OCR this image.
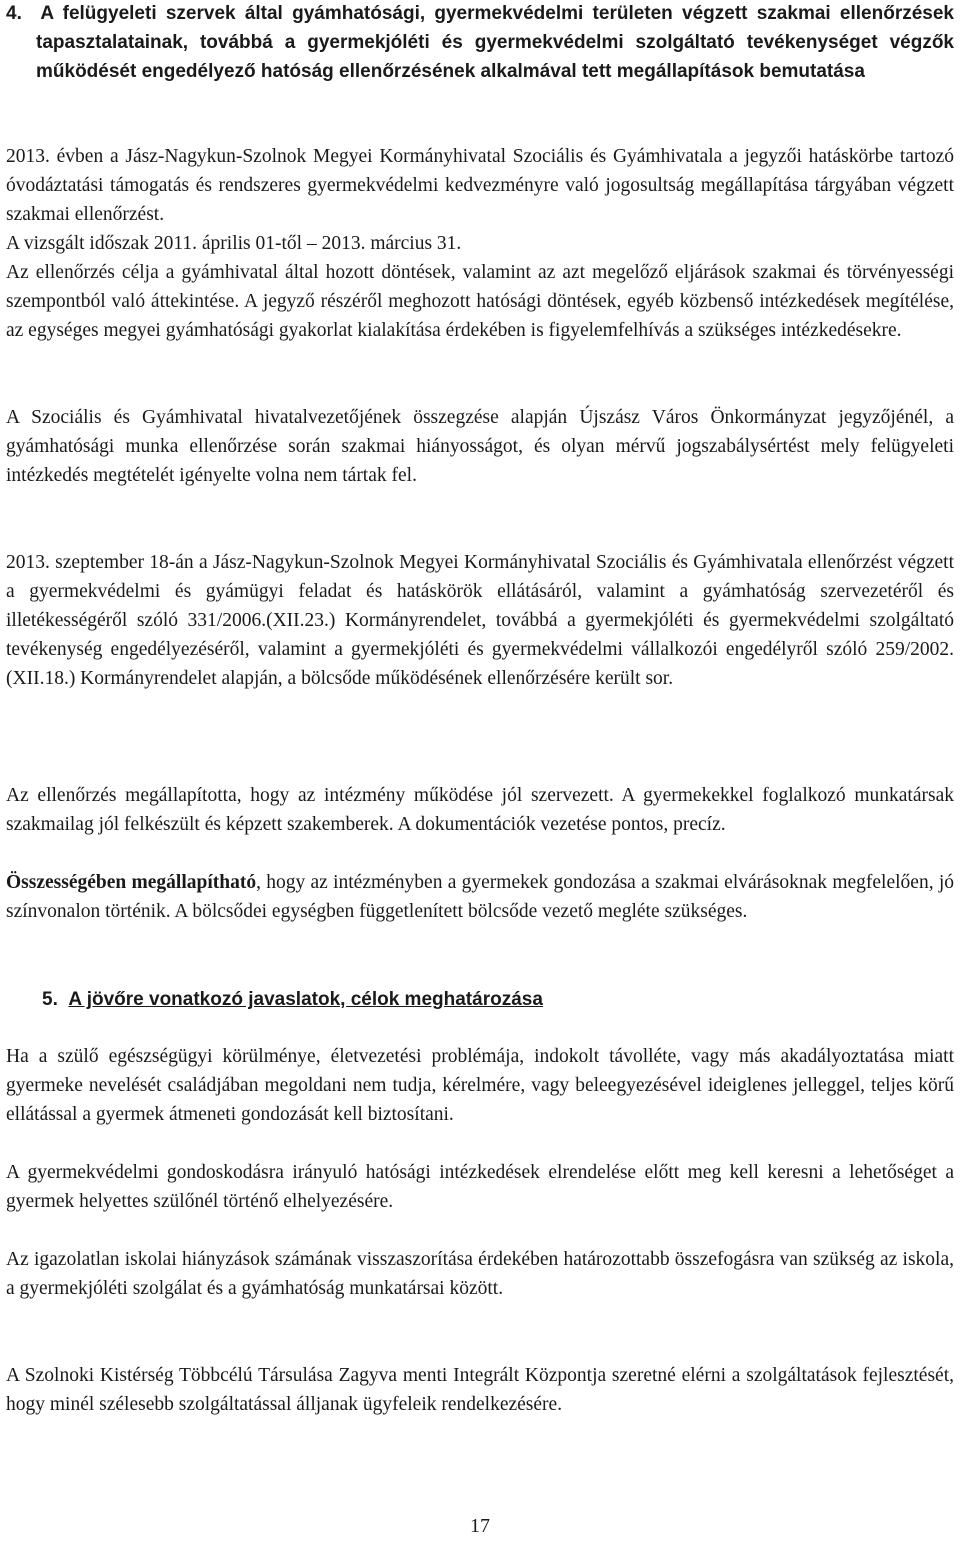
4. A felügyeleti szervek által gyámhatósági, gyermekvédelmi területen végzett szakmai ellenőrzések tapasztalatainak, továbbá a gyermekjóléti és gyermekvédelmi szolgáltató tevékenységet végzők működését engedélyező hatóság ellenőrzésének alkalmával tett megállapítások bemutatása

2013. évben a Jász-Nagykun-Szolnok Megyei Kormányhivatal Szociális és Gyámhivatala a jegyzői hatáskörbe tartozó óvodáztatási támogatás és rendszeres gyermekvédelmi kedvezményre való jogosultság megállapítása tárgyában végzett szakmai ellenőrzést.

A vizsgált időszak 2011. április 01-től – 2013. március 31.

Az ellenőrzés célja a gyámhivatal által hozott döntések, valamint az azt megelőző eljárások szakmai és törvényességi szempontból való áttekintése. A jegyző részéről meghozott hatósági döntések, egyéb közbenső intézkedések megítélése, az egységes megyei gyámhatósági gyakorlat kialakítása érdekében is figyelemfelhívás a szükséges intézkedésekre.

A Szociális és Gyámhivatal hivatalvezetőjének összegzése alapján Újszász Város Önkormányzat jegyzőjénél, a gyámhatósági munka ellenőrzése során szakmai hiányosságot, és olyan mérvű jogszabálysértést mely felügyeleti intézkedés megtételét igényelte volna nem tártak fel.

2013. szeptember 18-án a Jász-Nagykun-Szolnok Megyei Kormányhivatal Szociális és Gyámhivatala ellenőrzést végzett a gyermekvédelmi és gyámügyi feladat és hatáskörök ellátásáról, valamint a gyámhatóság szervezetéről és illetékességéről szóló 331/2006.(XII.23.) Kormányrendelet, továbbá a gyermekjóléti és gyermekvédelmi szolgáltató tevékenység engedélyezéséről, valamint a gyermekjóléti és gyermekvédelmi vállalkozói engedélyről szóló 259/2002.(XII.18.) Kormányrendelet alapján, a bölcsőde működésének ellenőrzésére került sor.

Az ellenőrzés megállapította, hogy az intézmény működése jól szervezett. A gyermekekkel foglalkozó munkatársak szakmailag jól felkészült és képzett szakemberek. A dokumentációk vezetése pontos, precíz.

Összességében megállapítható, hogy az intézményben a gyermekek gondozása a szakmai elvárásoknak megfelelően, jó színvonalon történik. A bölcsődei egységben függetlenített bölcsőde vezető megléte szükséges.

5. A jövőre vonatkozó javaslatok, célok meghatározása

Ha a szülő egészségügyi körülménye, életvezetési problémája, indokolt távolléte, vagy más akadályoztatása miatt gyermeke nevelését családjában megoldani nem tudja, kérelmére, vagy beleegyezésével ideiglenes jelleggel, teljes körű ellátással a gyermek átmeneti gondozását kell biztosítani.

A gyermekvédelmi gondoskodásra irányuló hatósági intézkedések elrendelése előtt meg kell keresni a lehetőséget a gyermek helyettes szülőnél történő elhelyezésére.

Az igazolatlan iskolai hiányzások számának visszaszorítása érdekében határozottabb összefogásra van szükség az iskola, a gyermekjóléti szolgálat és a gyámhatóság munkatársai között.

A Szolnoki Kistérség Többcélú Társulása Zagyva menti Integrált Központja szeretné elérni a szolgáltatások fejlesztését, hogy minél szélesebb szolgáltatással álljanak ügyfeleik rendelkezésére.

17
